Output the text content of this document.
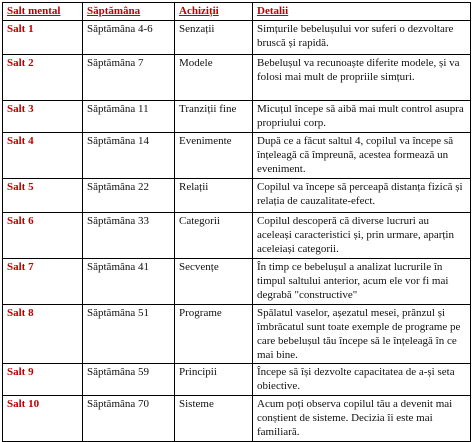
Salt mental	Săptămâna	Achiziții	Detalii
Salt 1	Săptămâna 4-6	Senzații	Simțurile bebelușului vor suferi o dezvoltare bruscă și rapidă.
Salt 2	Săptămâna 7	Modele	Bebelușul va recunoaște diferite modele, și va folosi mai mult de propriile simțuri.
Salt 3	Săptămâna 11	Tranziții fine	Micuțul începe să aibă mai mult control asupra propriului corp.
Salt 4	Săptămâna 14	Evenimente	După ce a făcut saltul 4, copilul va începe să înțeleagă că împreună, acestea formează un eveniment.
Salt 5	Săptămâna 22	Relații	Copilul va începe să perceapă distanța fizică și relația de cauzalitate-efect.
Salt 6	Săptămâna 33	Categorii	Copilul descoperă că diverse lucruri au aceleași caracteristici și, prin urmare, aparțin aceleiași categorii.
Salt 7	Săptămâna 41	Secvențe	În timp ce bebelușul a analizat lucrurile în timpul saltului anterior, acum ele vor fi mai degrabă "constructive"
Salt 8	Săptămâna 51	Programe	Spălatul vaselor, așezatul mesei, prânzul și îmbrăcatul sunt toate exemple de programe pe care bebelușul tău începe să le înțeleagă în ce mai bine.
Salt 9	Săptămâna 59	Principii	Începe să își dezvolte capacitatea de a-și seta obiective.
Salt 10	Săptămâna 70	Sisteme	Acum poți observa copilul tău a devenit mai conștient de sisteme. Decizia îi este mai familiară.
